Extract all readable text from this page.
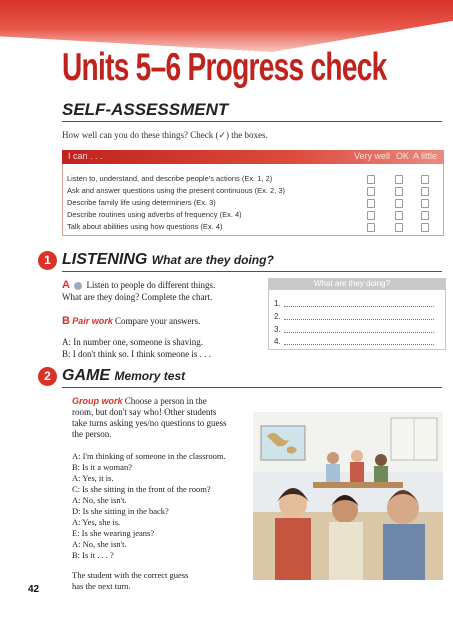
Units 5–6 Progress check
SELF-ASSESSMENT
How well can you do these things? Check (✓) the boxes.
I can . . .	Very well OK A little
Listen to, understand, and describe people's actions (Ex. 1, 2)
Ask and answer questions using the present continuous (Ex. 2, 3)
Describe family life using determiners (Ex. 3)
Describe routines using adverbs of frequency (Ex. 4)
Talk about abilities using how questions (Ex. 4)
1 LISTENING What are they doing?
A Listen to people do different things.
What are they doing? Complete the chart.
B Pair work Compare your answers.
A: In number one, someone is shaving.
B: I don't think so. I think someone is . . .
What are they doing?
1.
2.
3.
4.
2 GAME Memory test
Group work Choose a person in the
room, but don't say who! Other students
take turns asking yes/no questions to guess
the person.
A: I'm thinking of someone in the classroom.
B: Is it a woman?
A: Yes, it is.
C: Is she sitting in the front of the room?
A: No, she isn't.
D: Is she sitting in the back?
A: Yes, she is.
E: Is she wearing jeans?
A: No, she isn't.
B: Is it . . . ?
The student with the correct guess
has the next turn.
42
